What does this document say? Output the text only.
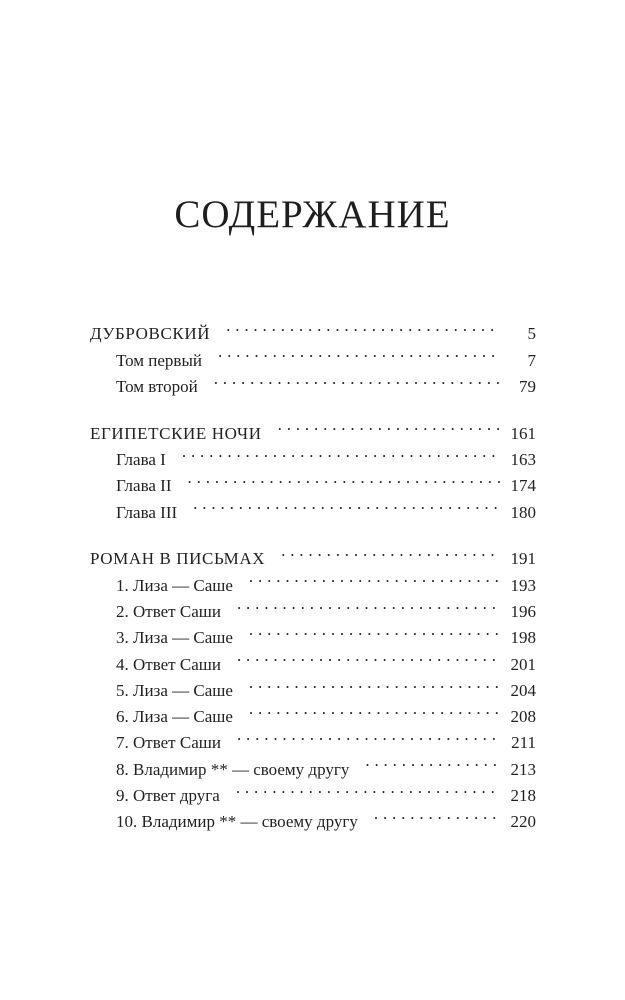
СОДЕРЖАНИЕ
ДУБРОВСКИЙ . . .	5
Том первый . . .	7
Том второй . . .	79
ЕГИПЕТСКИЕ НОЧИ . . .	161
Глава I . . .	163
Глава II . . .	174
Глава III . . .	180
РОМАН В ПИСЬМАХ . . .	191
1. Лиза — Саше . . .	193
2. Ответ Саши . . .	196
3. Лиза — Саше . . .	198
4. Ответ Саши . . .	201
5. Лиза — Саше . . .	204
6. Лиза — Саше . . .	208
7. Ответ Саши . . .	211
8. Владимир ** — своему другу . . .	213
9. Ответ друга . . .	218
10. Владимир ** — своему другу . . .	220
